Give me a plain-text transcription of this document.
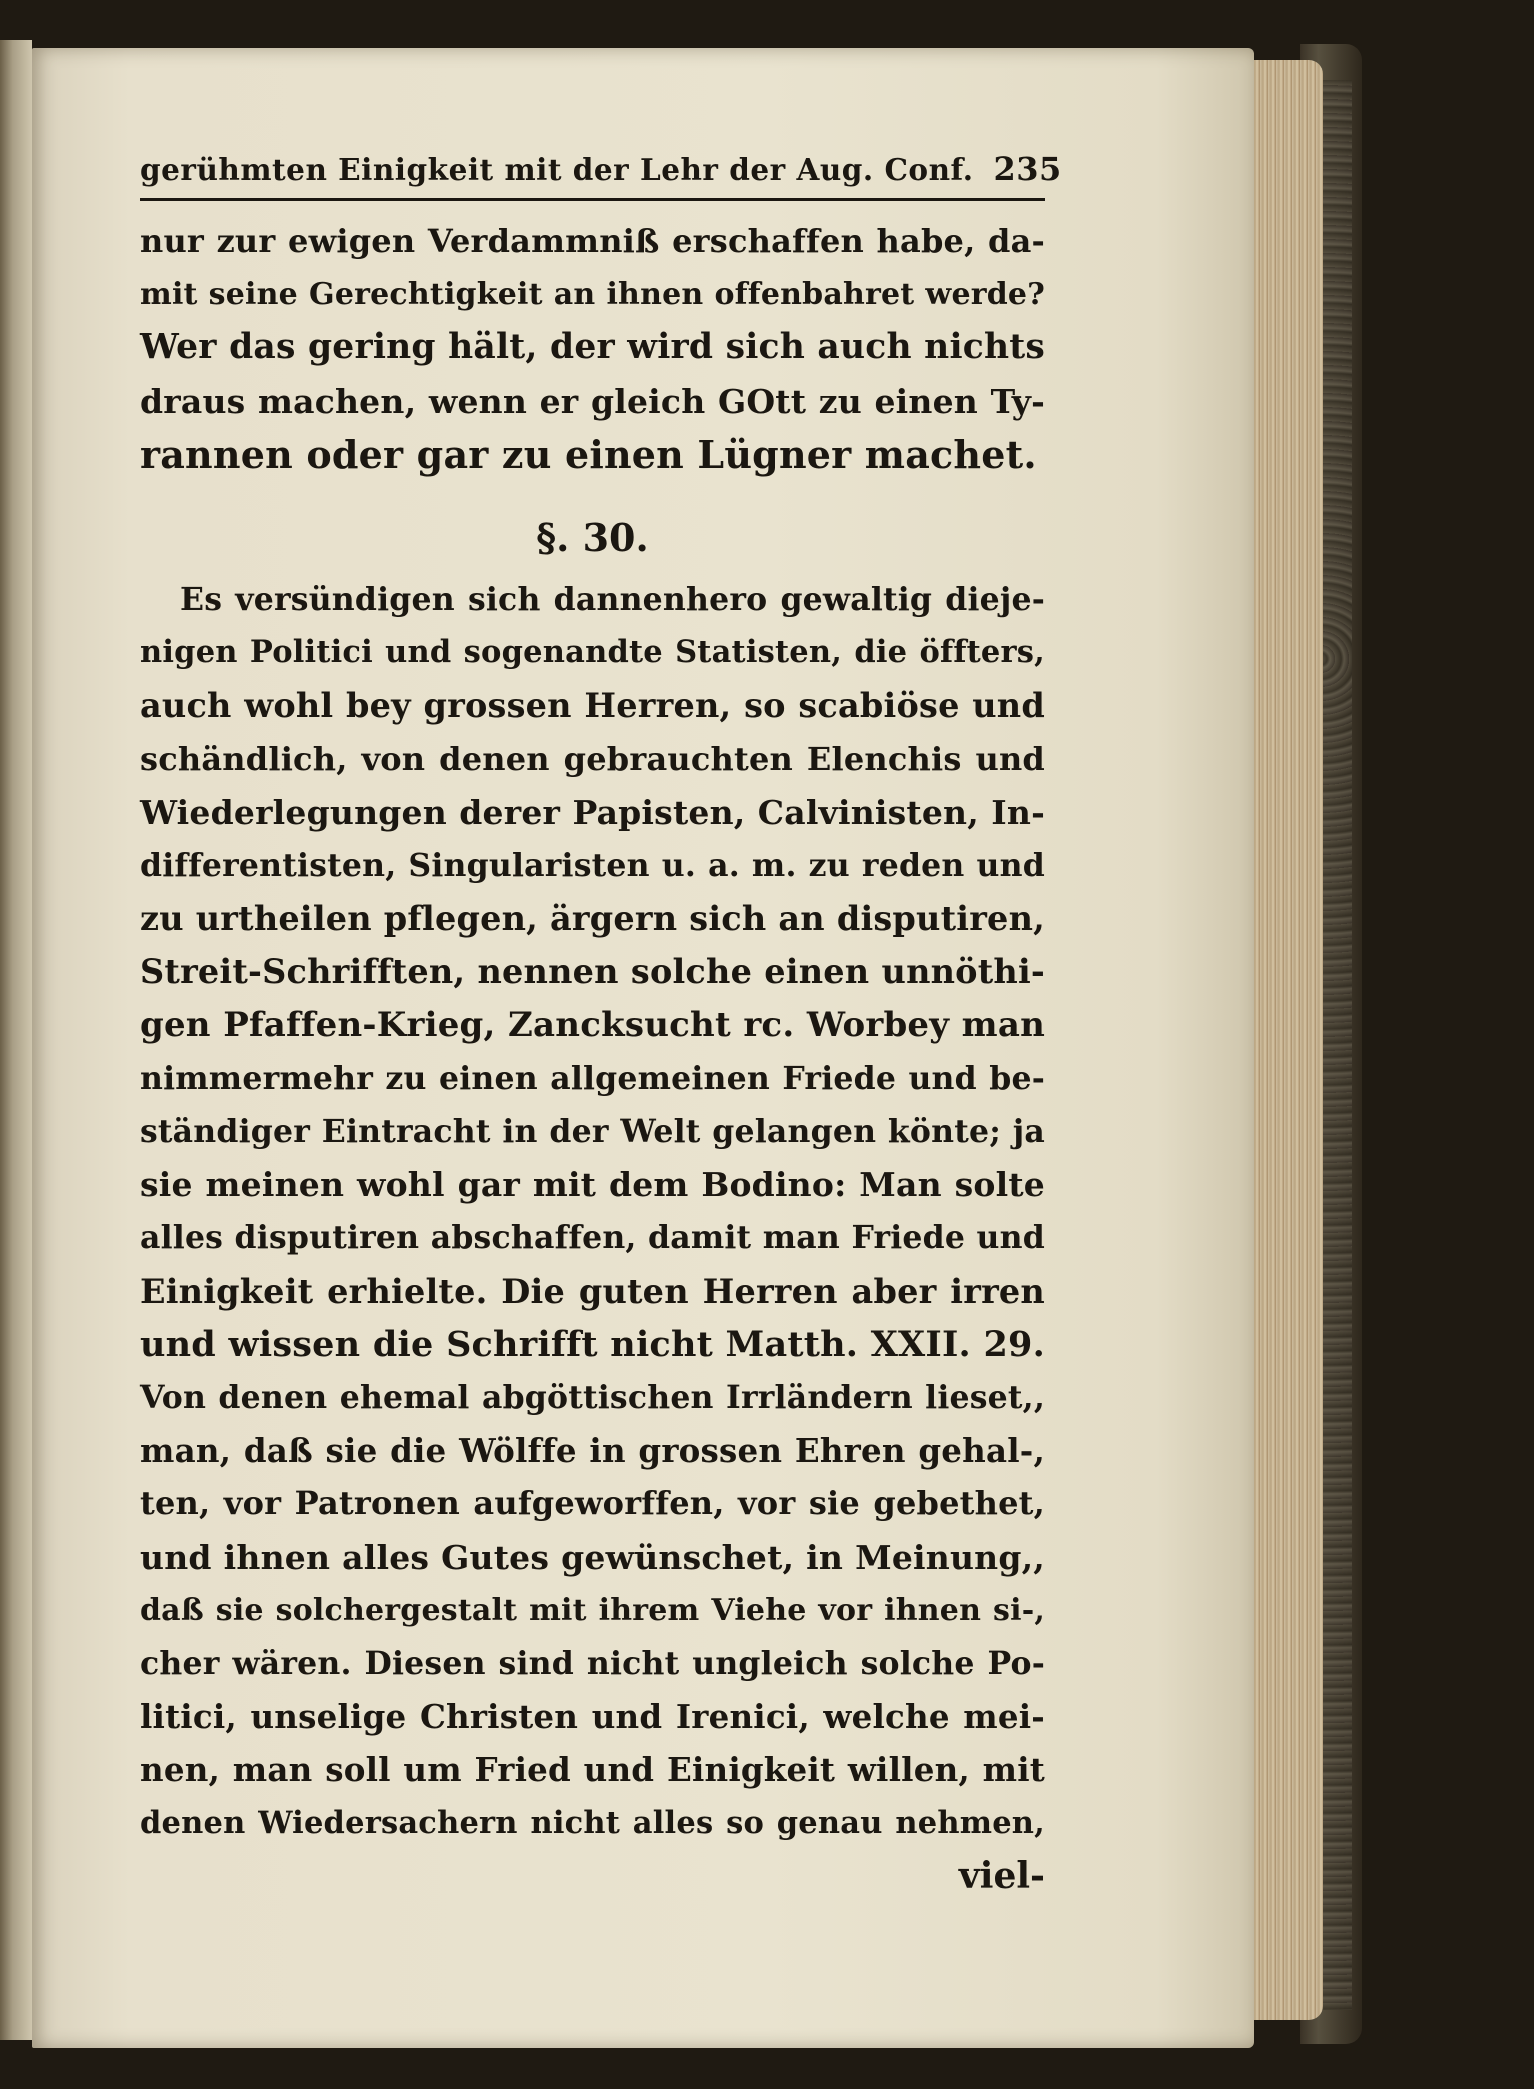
gerühmten Einigkeit mit der Lehr der Aug. Conf. 235
nur zur ewigen Verdammniß erschaffen habe, da-
mit seine Gerechtigkeit an ihnen offenbahret werde?
Wer das gering hält, der wird sich auch nichts
draus machen, wenn er gleich GOtt zu einen Ty-
rannen oder gar zu einen Lügner machet.
§. 30.
Es versündigen sich dannenhero gewaltig dieje-
nigen Politici und sogenandte Statisten, die öffters,
auch wohl bey grossen Herren, so scabiöse und
schändlich, von denen gebrauchten Elenchis und
Wiederlegungen derer Papisten, Calvinisten, In-
differentisten, Singularisten u. a. m. zu reden und
zu urtheilen pflegen, ärgern sich an disputiren,
Streit-Schrifften, nennen solche einen unnöthi-
gen Pfaffen-Krieg, Zancksucht rc. Worbey man
nimmermehr zu einen allgemeinen Friede und be-
ständiger Eintracht in der Welt gelangen könte; ja
sie meinen wohl gar mit dem Bodino: Man solte
alles disputiren abschaffen, damit man Friede und
Einigkeit erhielte. Die guten Herren aber irren
und wissen die Schrifft nicht Matth. XXII. 29.
Von denen ehemal abgöttischen Irrländern lieset,,
man, daß sie die Wölffe in grossen Ehren gehal-,
ten, vor Patronen aufgeworffen, vor sie gebethet,
und ihnen alles Gutes gewünschet, in Meinung,,
daß sie solchergestalt mit ihrem Viehe vor ihnen si-,
cher wären. Diesen sind nicht ungleich solche Po-
litici, unselige Christen und Irenici, welche mei-
nen, man soll um Fried und Einigkeit willen, mit
denen Wiedersachern nicht alles so genau nehmen,
viel-
